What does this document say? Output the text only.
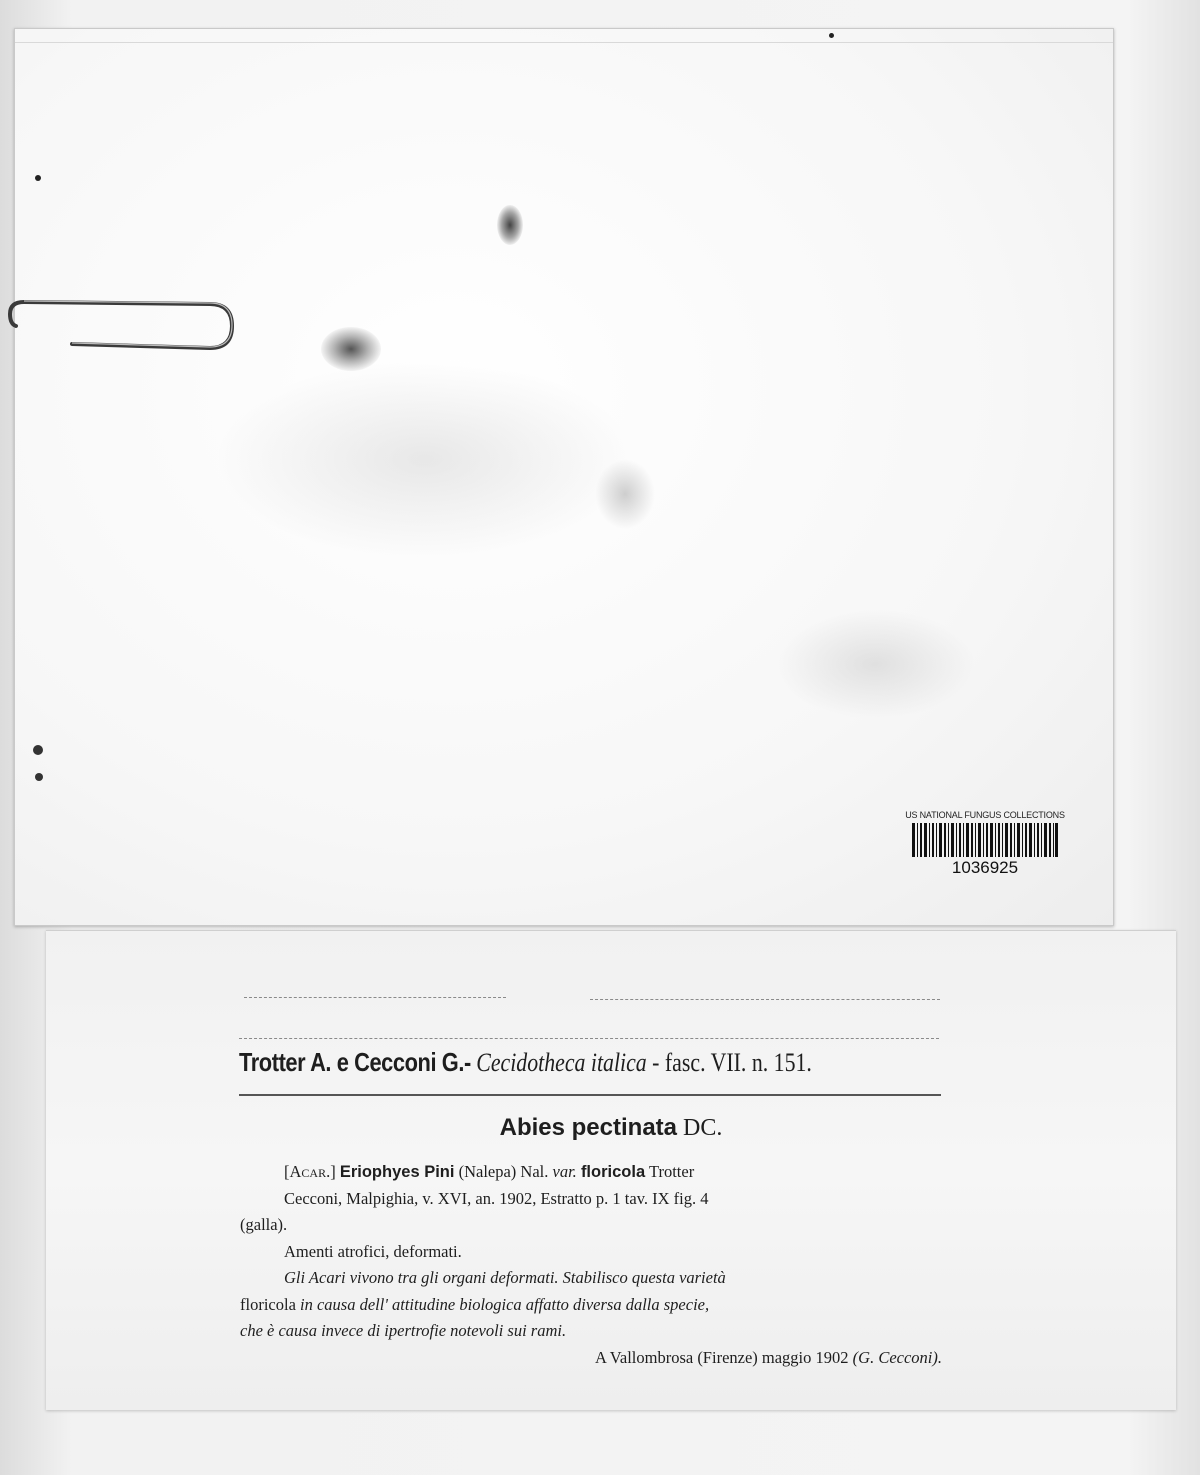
US NATIONAL FUNGUS COLLECTIONS
1036925
Trotter A. e Cecconi G.- Cecidotheca italica - fasc. VII. n. 151.
Abies pectinata DC.
[Acar.] Eriophyes Pini (Nalepa) Nal. var. floricola Trotter
Cecconi, Malpighia, v. XVI, an. 1902, Estratto p. 1 tav. IX fig. 4
(galla).
Amenti atrofici, deformati.
Gli Acari vivono tra gli organi deformati. Stabilisco questa varietà
floricola in causa dell' attitudine biologica affatto diversa dalla specie,
che è causa invece di ipertrofie notevoli sui rami.
A Vallombrosa (Firenze) maggio 1902 (G. Cecconi).
